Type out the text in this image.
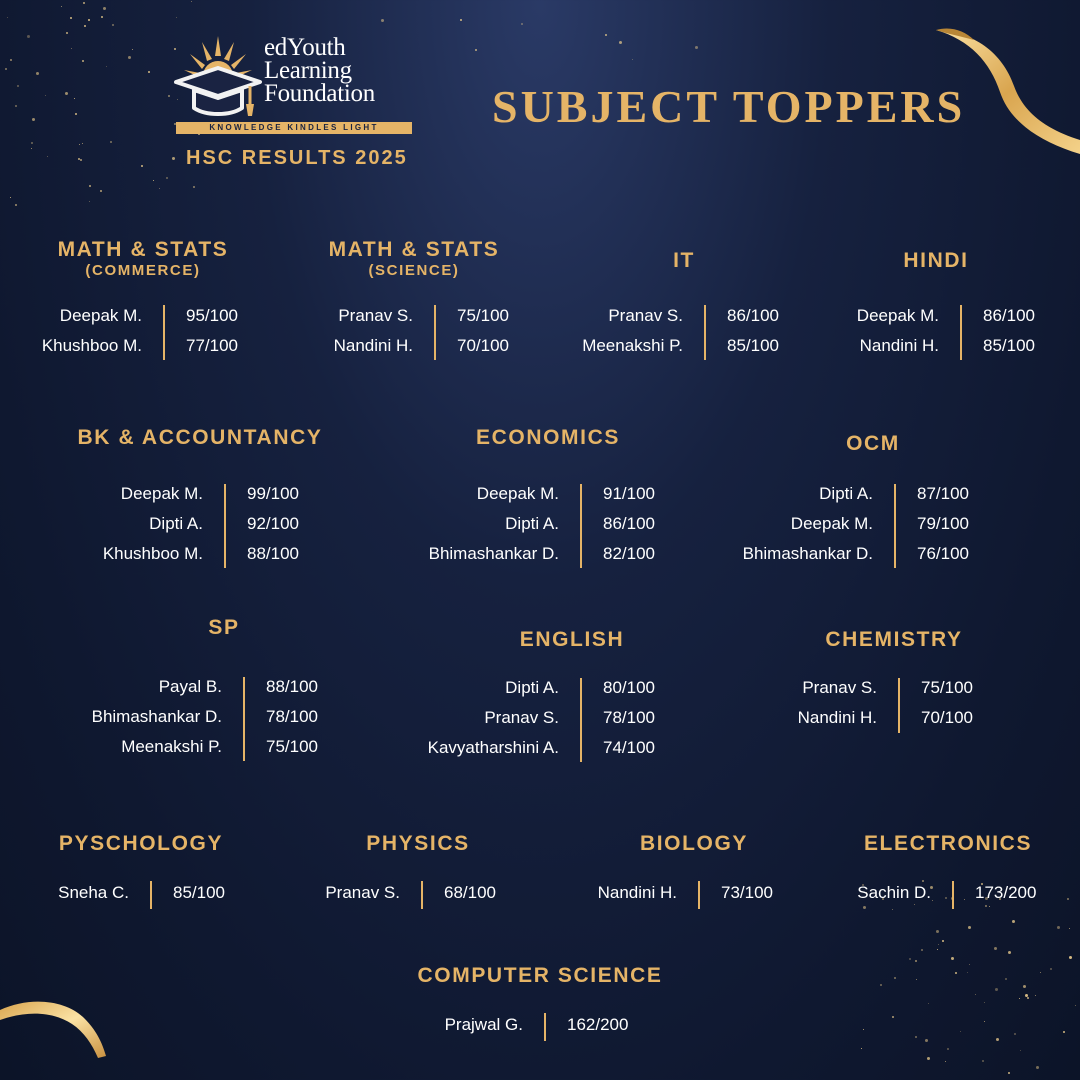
edYouth
Learning
Foundation
KNOWLEDGE KINDLES LIGHT
HSC RESULTS 2025
SUBJECT TOPPERS
MATH & STATS
(COMMERCE)
Deepak M.	95/100
Khushboo M.	77/100
MATH & STATS
(SCIENCE)
Pranav S.	75/100
Nandini H.	70/100
IT
Pranav S.	86/100
Meenakshi P.	85/100
HINDI
Deepak M.	86/100
Nandini H.	85/100
BK & ACCOUNTANCY
Deepak M.	99/100
Dipti A.	92/100
Khushboo M.	88/100
ECONOMICS
Deepak M.	91/100
Dipti A.	86/100
Bhimashankar D.	82/100
OCM
Dipti A.	87/100
Deepak M.	79/100
Bhimashankar D.	76/100
SP
Payal B.	88/100
Bhimashankar D.	78/100
Meenakshi P.	75/100
ENGLISH
Dipti A.	80/100
Pranav S.	78/100
Kavyatharshini A.	74/100
CHEMISTRY
Pranav S.	75/100
Nandini H.	70/100
PYSCHOLOGY
Sneha C.	85/100
PHYSICS
Pranav S.	68/100
BIOLOGY
Nandini H.	73/100
ELECTRONICS
Sachin D.	173/200
COMPUTER SCIENCE
Prajwal G.	162/200
